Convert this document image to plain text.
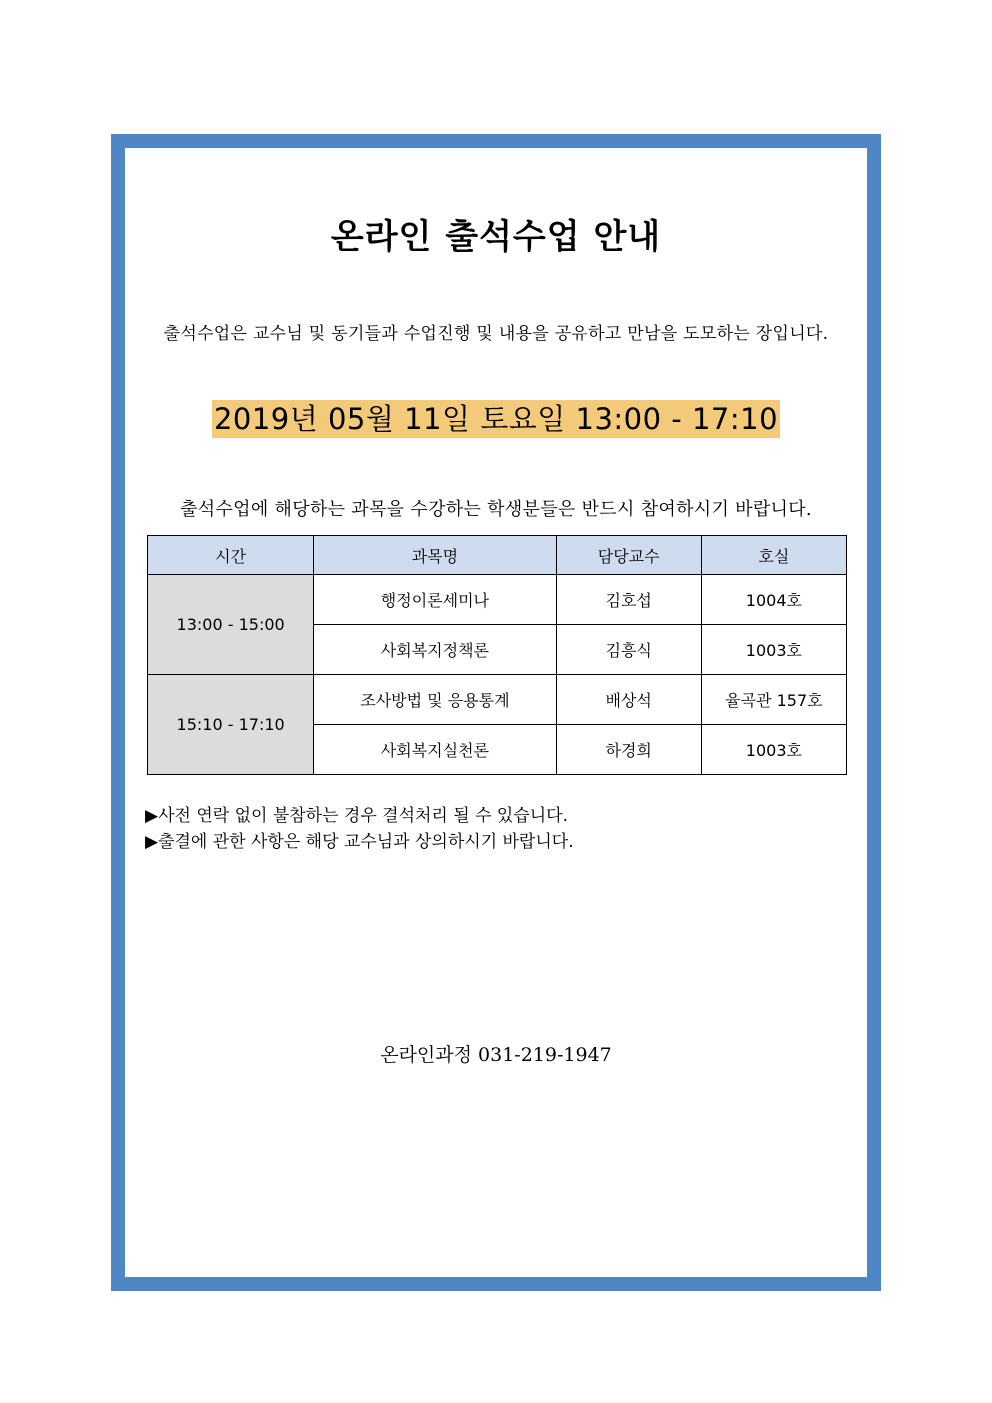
온라인 출석수업 안내
출석수업은 교수님 및 동기들과 수업진행 및 내용을 공유하고 만남을 도모하는 장입니다.
2019년 05월 11일 토요일 13:00 - 17:10
출석수업에 해당하는 과목을 수강하는 학생분들은 반드시 참여하시기 바랍니다.
시간	과목명	담당교수	호실
13:00 - 15:00	행정이론세미나	김호섭	1004호
	사회복지정책론	김흥식	1003호
15:10 - 17:10	조사방법 및 응용통계	배상석	율곡관 157호
	사회복지실천론	하경희	1003호
▶사전 연락 없이 불참하는 경우 결석처리 될 수 있습니다.
▶출결에 관한 사항은 해당 교수님과 상의하시기 바랍니다.
온라인과정 031-219-1947
